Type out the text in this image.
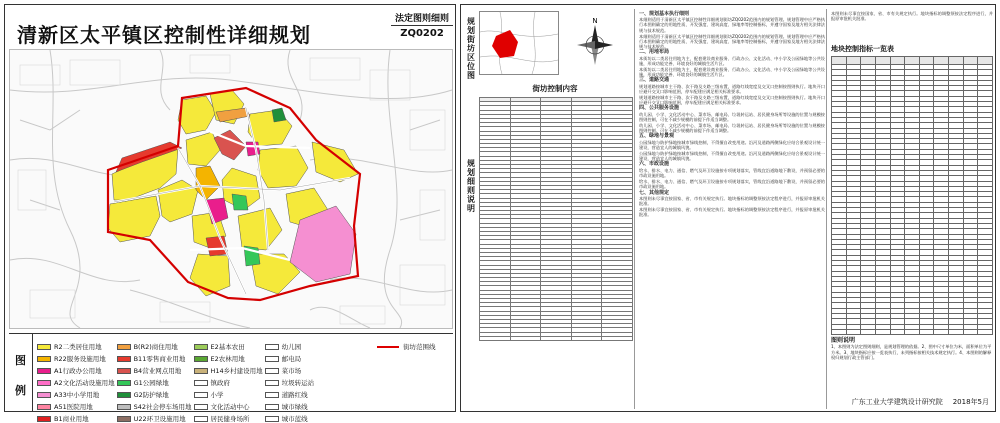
清新区太平镇区控制性详细规划
法定图则细则
ZQ0202
图
例
R2二类居住用地	B(R2)商住用地	E2基本农田	幼儿园
R22服务设施用地	B11零售商业用地	E2农林用地	邮电局
A1行政办公用地	B4营业网点用地	H14乡村建设用地	菜市场
A2文化活动设施用地	G1公园绿地	镇政府	垃圾转运站
A33中小学用地	G2防护绿地	小学	道路红线
A51医院用地	S42社会停车场用地	文化活动中心	城市绿线
B1商业用地	U22环卫设施用地	居民健身场所	城市蓝线
街坊范围线
规
划
街
坊
区
位
图
N
街坊控制内容

规
划
细
则
说
明
一、规划基本执行细则

本细则适用于清新区太平镇区控制性详细规划街坊ZQ0202范围内的规划管理。规划管理中应严格执行本图则确定的用地性质、开发强度、建筑高度、绿地率等控制指标，并遵守国家及地方相关法律法规与技术规范。

本细则适用于清新区太平镇区控制性详细规划街坊ZQ0202范围内的规划管理。规划管理中应严格执行本图则确定的用地性质、开发强度、建筑高度、绿地率等控制指标，并遵守国家及地方相关法律法规与技术规范。

二、用地布局

本街坊以二类居住用地为主，配套建设商业服务、行政办公、文化活动、中小学及公园绿地等公共设施，形成功能完善、环境良好的城镇生活片区。

本街坊以二类居住用地为主，配套建设商业服务、行政办公、文化活动、中小学及公园绿地等公共设施，形成功能完善、环境良好的城镇生活片区。

三、道路交通

规划道路按城市主干路、次干路及支路三级布置，道路红线宽度及交叉口控制按图则执行。地块开口应避开交叉口影响范围，停车配建应满足相关标准要求。

规划道路按城市主干路、次干路及支路三级布置，道路红线宽度及交叉口控制按图则执行。地块开口应避开交叉口影响范围，停车配建应满足相关标准要求。

四、公共服务设施

幼儿园、小学、文化活动中心、菜市场、邮电局、垃圾转运站、居民健身场所等设施的位置与规模按图则控制，可在不减少规模的前提下作适当调整。

幼儿园、小学、文化活动中心、菜市场、邮电局、垃圾转运站、居民健身场所等设施的位置与规模按图则控制，可在不减少规模的前提下作适当调整。

五、绿地与景观

公园绿地与防护绿地按城市绿线控制，不得擅自改变用途。沿河及道路两侧绿化应结合景观设计统一建设，营造宜人的城镇风貌。

公园绿地与防护绿地按城市绿线控制，不得擅自改变用途。沿河及道路两侧绿化应结合景观设计统一建设，营造宜人的城镇风貌。

六、市政设施

给水、排水、电力、通信、燃气及环卫设施按专项规划落实，管线宜沿道路地下敷设，并预留必要的市政设施用地。

给水、排水、电力、通信、燃气及环卫设施按专项规划落实，管线宜沿道路地下敷设，并预留必要的市政设施用地。

七、其他规定

本图则未尽事宜按国家、省、市有关规定执行。地块指标的调整须按法定程序进行，并报原审批机关批准。

本图则未尽事宜按国家、省、市有关规定执行。地块指标的调整须按法定程序进行，并报原审批机关批准。

本图则未尽事宜按国家、省、市有关规定执行。地块指标的调整须按法定程序进行，并报原审批机关批准。

地块控制指标一览表

图则说明

1、本图则为法定图则细则，是规划管理的依据。2、图中尺寸单位为米，面积单位为平方米。3、地块指标应按一览表执行，未列指标按相关技术规定执行。4、本图则的解释权归规划行政主管部门。

广东工业大学建筑设计研究院 2018年5月
